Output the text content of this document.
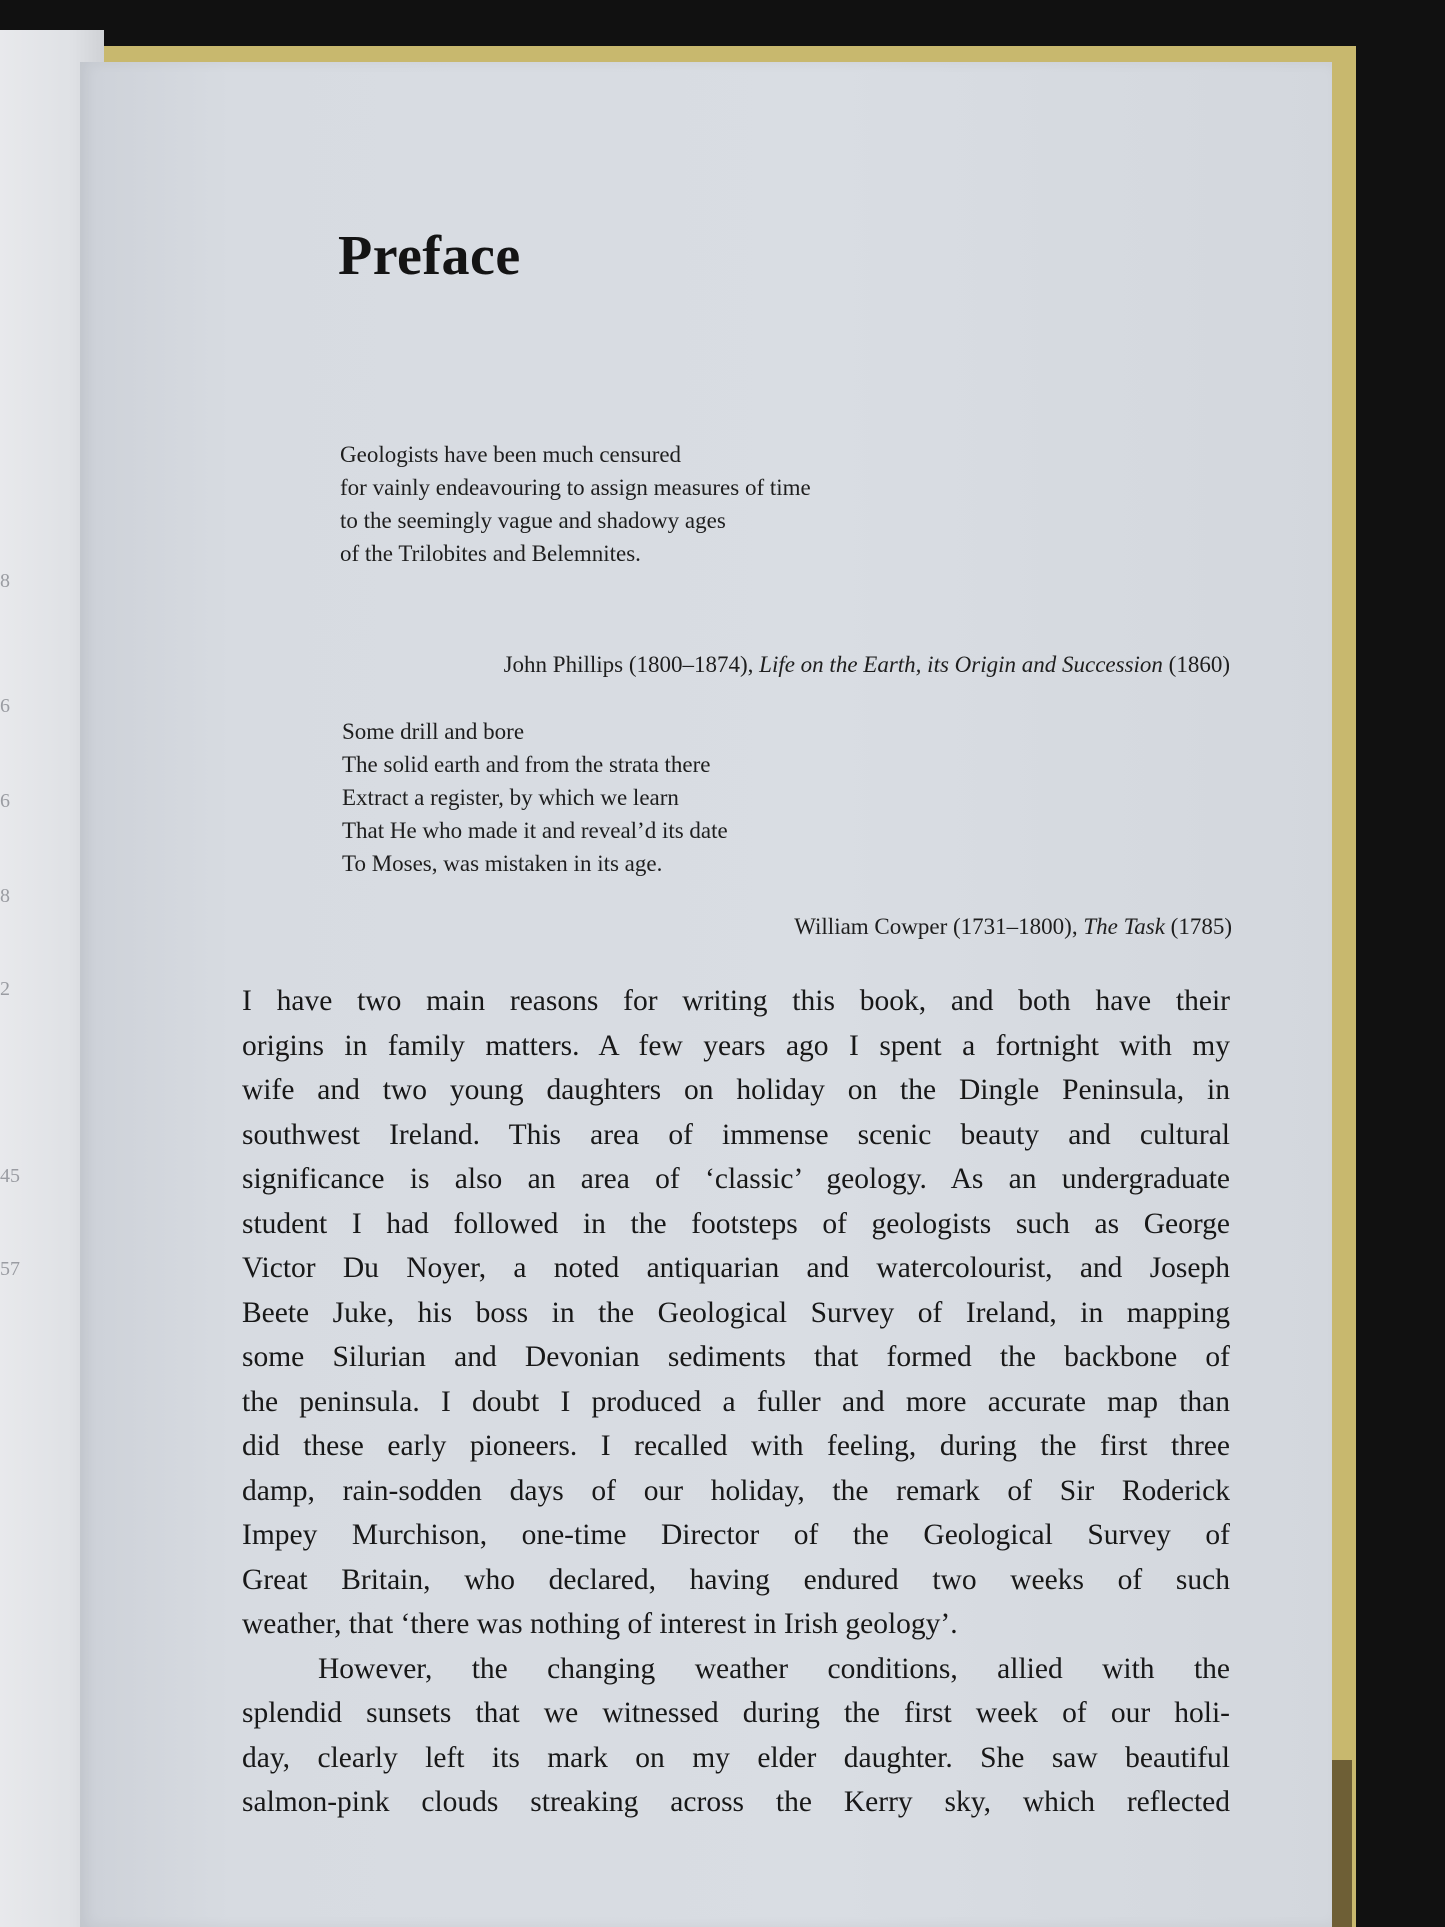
8
6
6
8
2
45
57
Preface
Geologists have been much censured
for vainly endeavouring to assign measures of time
to the seemingly vague and shadowy ages
of the Trilobites and Belemnites.
John Phillips (1800–1874), Life on the Earth, its Origin and Succession (1860)
Some drill and bore
The solid earth and from the strata there
Extract a register, by which we learn
That He who made it and reveal’d its date
To Moses, was mistaken in its age.
William Cowper (1731–1800), The Task (1785)
I have two main reasons for writing this book, and both have their
origins in family matters. A few years ago I spent a fortnight with my
wife and two young daughters on holiday on the Dingle Peninsula, in
southwest Ireland. This area of immense scenic beauty and cultural
significance is also an area of ‘classic’ geology. As an undergraduate
student I had followed in the footsteps of geologists such as George
Victor Du Noyer, a noted antiquarian and watercolourist, and Joseph
Beete Juke, his boss in the Geological Survey of Ireland, in mapping
some Silurian and Devonian sediments that formed the backbone of
the peninsula. I doubt I produced a fuller and more accurate map than
did these early pioneers. I recalled with feeling, during the first three
damp, rain-sodden days of our holiday, the remark of Sir Roderick
Impey Murchison, one-time Director of the Geological Survey of
Great Britain, who declared, having endured two weeks of such
weather, that ‘there was nothing of interest in Irish geology’.
However, the changing weather conditions, allied with the
splendid sunsets that we witnessed during the first week of our holi-
day, clearly left its mark on my elder daughter. She saw beautiful
salmon-pink clouds streaking across the Kerry sky, which reflected
